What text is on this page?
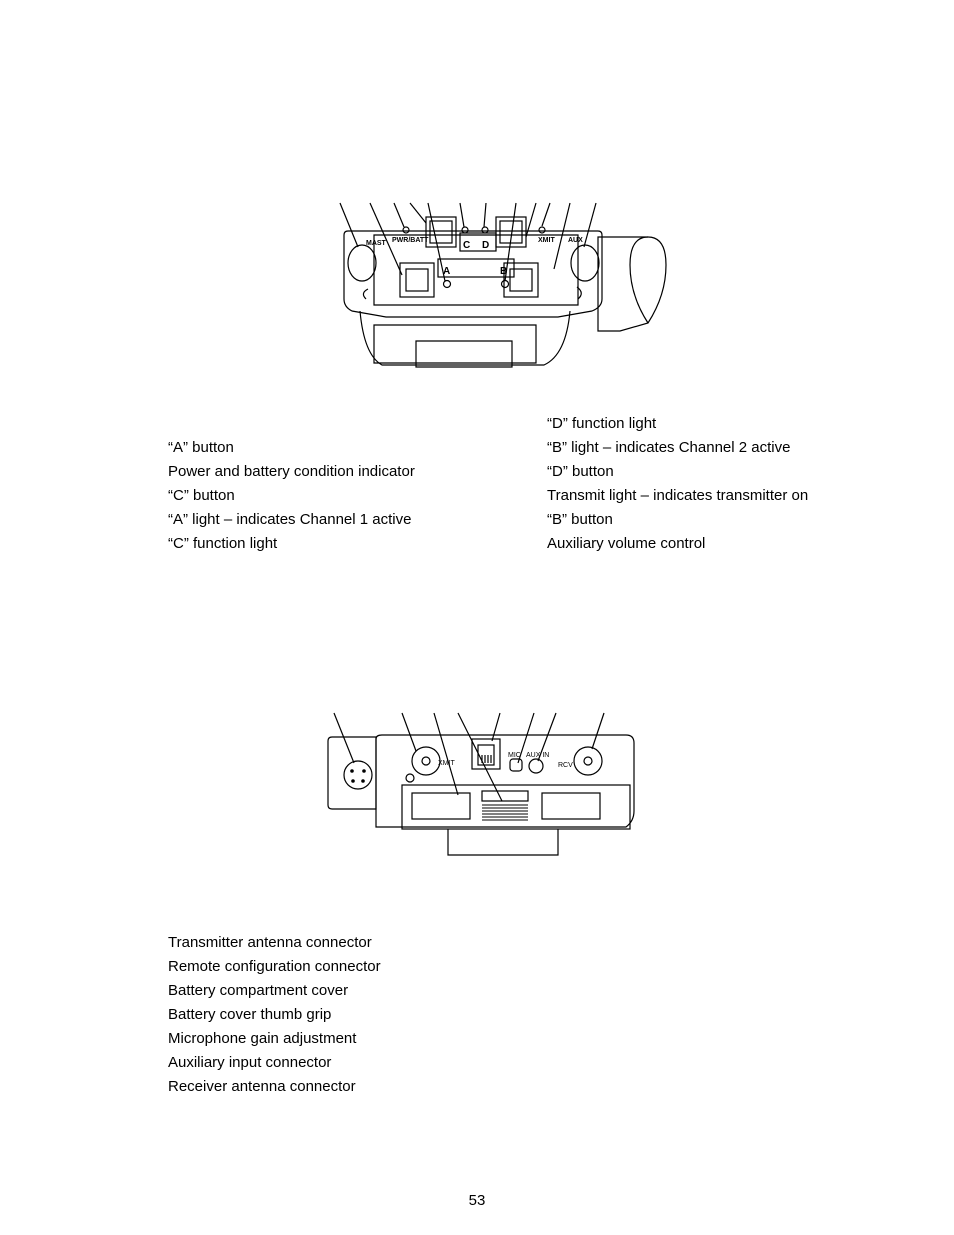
MAST PWR/BATT	XMIT AUX
C D
A	B
“A” button
Power and battery condition indicator
“C” button
“A” light – indicates Channel 1 active
“C” function light
“D” function light
“B” light – indicates Channel 2 active
“D” button
Transmit light – indicates transmitter on
“B” button
Auxiliary volume control
XMIT
MIC AUX IN
RCV
Transmitter antenna connector
Remote configuration connector
Battery compartment cover
Battery cover thumb grip
Microphone gain adjustment
Auxiliary input connector
Receiver antenna connector
53
